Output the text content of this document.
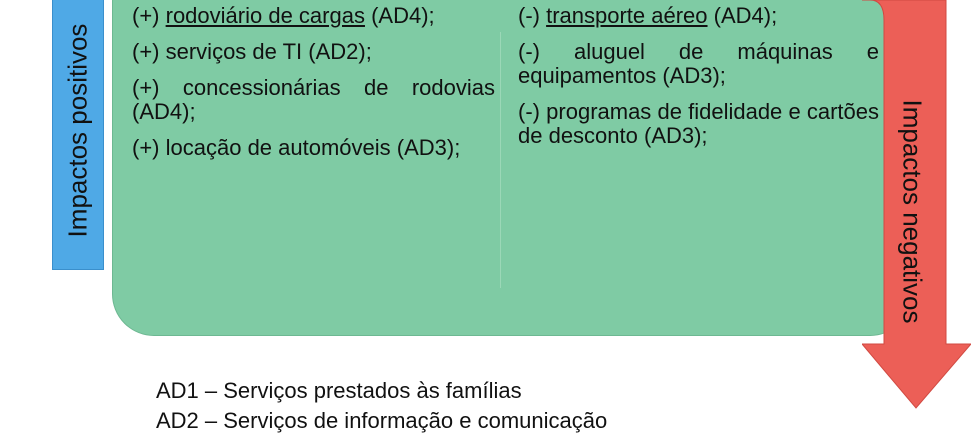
(+) rodoviário de cargas (AD4);
(+) serviços de TI (AD2);
(+) concessionárias de rodovias (AD4);
(+) locação de automóveis (AD3);
(-) transporte aéreo (AD4);
(-) aluguel de máquinas e equipamentos (AD3);
(-) programas de fidelidade e cartões de desconto (AD3);
Impactos positivos	Impactos negativos
AD1 – Serviços prestados às famílias
AD2 – Serviços de informação e comunicação
